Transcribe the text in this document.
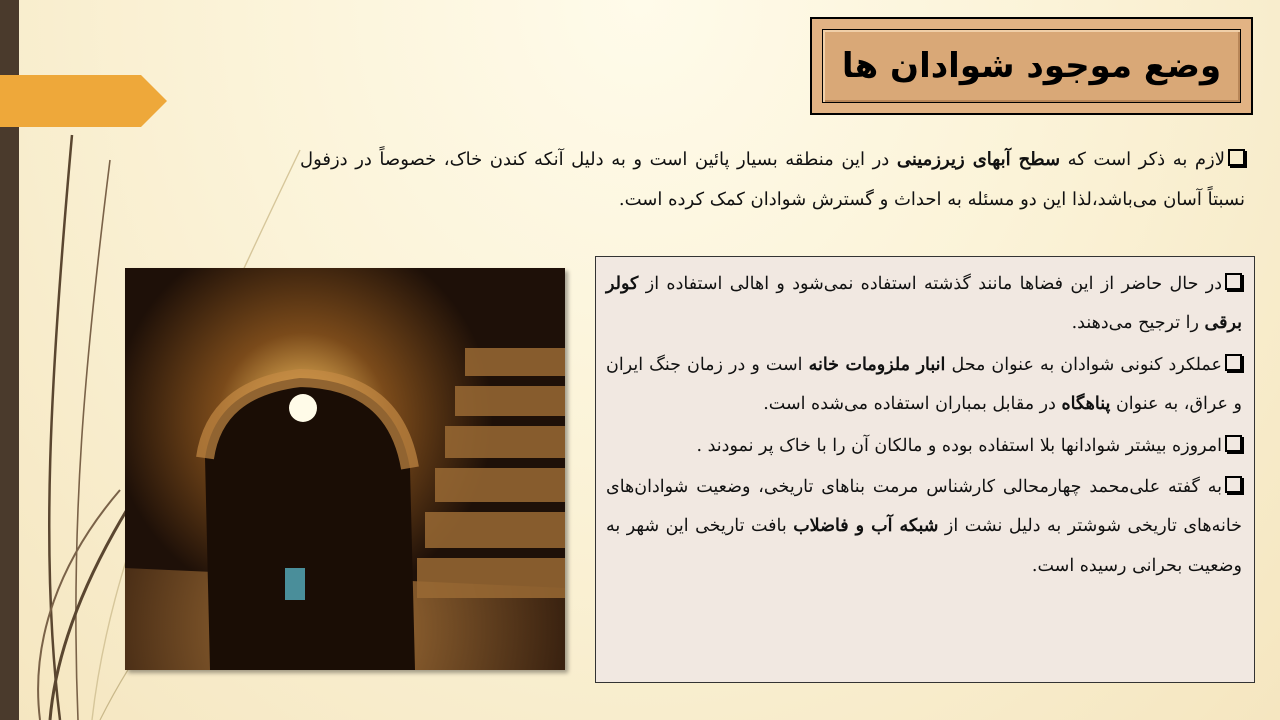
وضع موجود شوادان ها
لازم به ذکر است که سطح آبهای زیرزمینی در این منطقه بسیار پائین است و به دلیل آنکه کندن خاک، خصوصاً در دزفول نسبتاً آسان می‌باشد،لذا این دو مسئله به احداث و گسترش شوادان کمک کرده است.

در حال حاضر از این فضاها مانند گذشته استفاده نمی‌شود و اهالی استفاده از کولر برقی را ترجیح می‌دهند.

عملکرد کنونی شوادان به عنوان محل انبار ملزومات خانه است و در زمان جنگ ایران و عراق، به عنوان پناهگاه در مقابل بمباران استفاده می‌شده است.

امروزه بیشتر شوادانها بلا استفاده بوده و مالکان آن را با خاک پر نمودند .

به گفته علی‌محمد چهارمحالی کارشناس مرمت بناهای تاریخی، وضعیت شوادان‌های خانه‌های تاریخی شوشتر به دلیل نشت از شبکه آب و فاضلاب بافت تاریخی این شهر به وضعیت بحرانی رسیده است.
